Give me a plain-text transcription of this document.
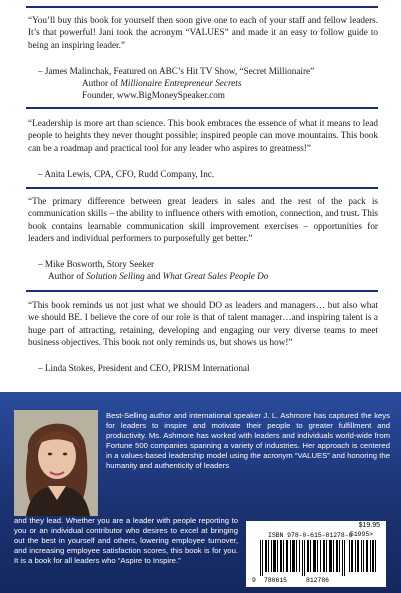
“You’ll buy this book for yourself then soon give one to each of your staff and fellow leaders. It’s that powerful! Jani took the acronym “VALUES” and made it an easy to follow guide to being an inspiring leader.”

– James Malinchak, Featured on ABC’s Hit TV Show, “Secret Millionaire”
Author of Millionaire Entrepreneur Secrets
Founder, www.BigMoneySpeaker.com

“Leadership is more art than science. This book embraces the essence of what it means to lead people to heights they never thought possible; inspired people can move mountains. This book can be a roadmap and practical tool for any leader who aspires to greatness!”

– Anita Lewis, CPA, CFO, Rudd Company, Inc.

“The primary difference between great leaders in sales and the rest of the pack is communication skills – the ability to influence others with emotion, connection, and trust. This book contains learnable communication skill improvement exercises – opportunities for leaders and individual performers to purposefully get better.”

– Mike Bosworth, Story Seeker
Author of Solution Selling and What Great Sales People Do

“This book reminds us not just what we should DO as leaders and managers… but also what we should BE. I believe the core of our role is that of talent manager…and inspiring talent is a huge part of attracting, retaining, developing and engaging our very diverse teams to meet business objectives. This book not only reminds us, but shows us how!”

– Linda Stokes, President and CEO, PRISM International
Best-Selling author and international speaker J. L. Ashmore has captured the keys for leaders to inspire and motivate their people to greater fulfillment and productivity. Ms. Ashmore has worked with leaders and individuals world-wide from Fortune 500 companies spanning a variety of industries. Her approach is centered in a values-based leadership model using the acronym “VALUES” and honoring the humanity and authenticity of leaders
and they lead. Whether you are a leader with people reporting to you or an individual contributor who desires to excel at bringing out the best in yourself and others, lowering employee turnover, and increasing employee satisfaction scores, this book is for you. It is a book for all leaders who “Aspire to Inspire.”
$19.95
ISBN 978-0-615-81278-6
51995>
9 780615	812786
